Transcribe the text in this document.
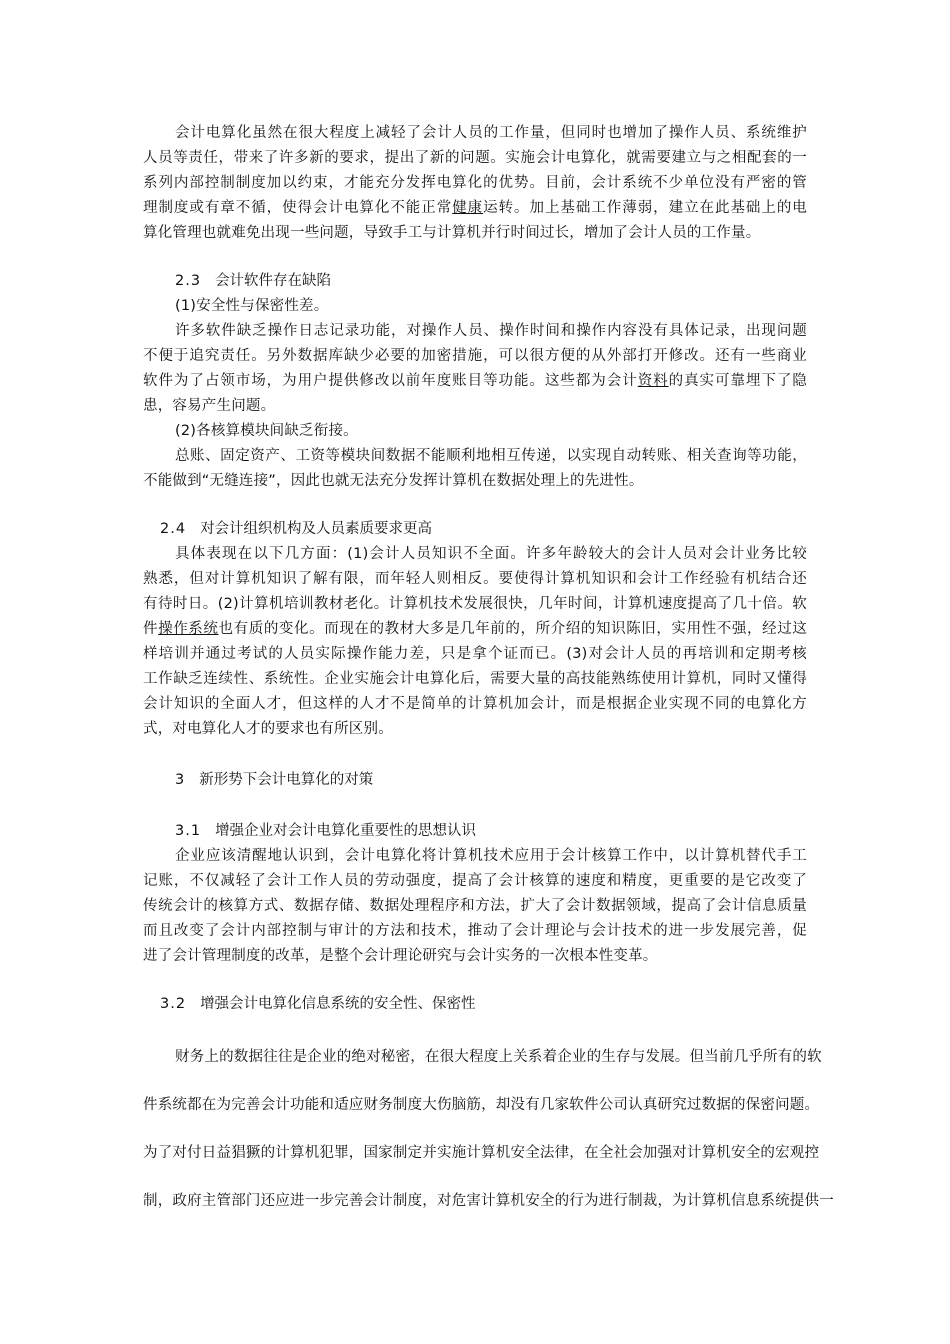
会计电算化虽然在很大程度上减轻了会计人员的工作量，但同时也增加了操作人员、系统维护
人员等责任，带来了许多新的要求，提出了新的问题。实施会计电算化，就需要建立与之相配套的一
系列内部控制制度加以约束，才能充分发挥电算化的优势。目前，会计系统不少单位没有严密的管
理制度或有章不循，使得会计电算化不能正常健康运转。加上基础工作薄弱，建立在此基础上的电
算化管理也就难免出现一些问题，导致手工与计算机并行时间过长，增加了会计人员的工作量。
2.3 会计软件存在缺陷
(1)安全性与保密性差。
许多软件缺乏操作日志记录功能，对操作人员、操作时间和操作内容没有具体记录，出现问题
不便于追究责任。另外数据库缺少必要的加密措施，可以很方便的从外部打开修改。还有一些商业
软件为了占领市场，为用户提供修改以前年度账目等功能。这些都为会计资料的真实可靠埋下了隐
患，容易产生问题。
(2)各核算模块间缺乏衔接。
总账、固定资产、工资等模块间数据不能顺利地相互传递，以实现自动转账、相关查询等功能，
不能做到“无缝连接”，因此也就无法充分发挥计算机在数据处理上的先进性。
2.4 对会计组织机构及人员素质要求更高
具体表现在以下几方面：(1)会计人员知识不全面。许多年龄较大的会计人员对会计业务比较
熟悉，但对计算机知识了解有限，而年轻人则相反。要使得计算机知识和会计工作经验有机结合还
有待时日。(2)计算机培训教材老化。计算机技术发展很快，几年时间，计算机速度提高了几十倍。软
件操作系统也有质的变化。而现在的教材大多是几年前的，所介绍的知识陈旧，实用性不强，经过这
样培训并通过考试的人员实际操作能力差，只是拿个证而已。(3)对会计人员的再培训和定期考核
工作缺乏连续性、系统性。企业实施会计电算化后，需要大量的高技能熟练使用计算机，同时又懂得
会计知识的全面人才，但这样的人才不是简单的计算机加会计，而是根据企业实现不同的电算化方
式，对电算化人才的要求也有所区别。
3 新形势下会计电算化的对策
3.1 增强企业对会计电算化重要性的思想认识
企业应该清醒地认识到，会计电算化将计算机技术应用于会计核算工作中，以计算机替代手工
记账，不仅减轻了会计工作人员的劳动强度，提高了会计核算的速度和精度，更重要的是它改变了
传统会计的核算方式、数据存储、数据处理程序和方法，扩大了会计数据领域，提高了会计信息质量
而且改变了会计内部控制与审计的方法和技术，推动了会计理论与会计技术的进一步发展完善，促
进了会计管理制度的改革，是整个会计理论研究与会计实务的一次根本性变革。
3.2 增强会计电算化信息系统的安全性、保密性
财务上的数据往往是企业的绝对秘密，在很大程度上关系着企业的生存与发展。但当前几乎所有的软
件系统都在为完善会计功能和适应财务制度大伤脑筋，却没有几家软件公司认真研究过数据的保密问题。
为了对付日益猖獗的计算机犯罪，国家制定并实施计算机安全法律，在全社会加强对计算机安全的宏观控
制，政府主管部门还应进一步完善会计制度，对危害计算机安全的行为进行制裁，为计算机信息系统提供一
